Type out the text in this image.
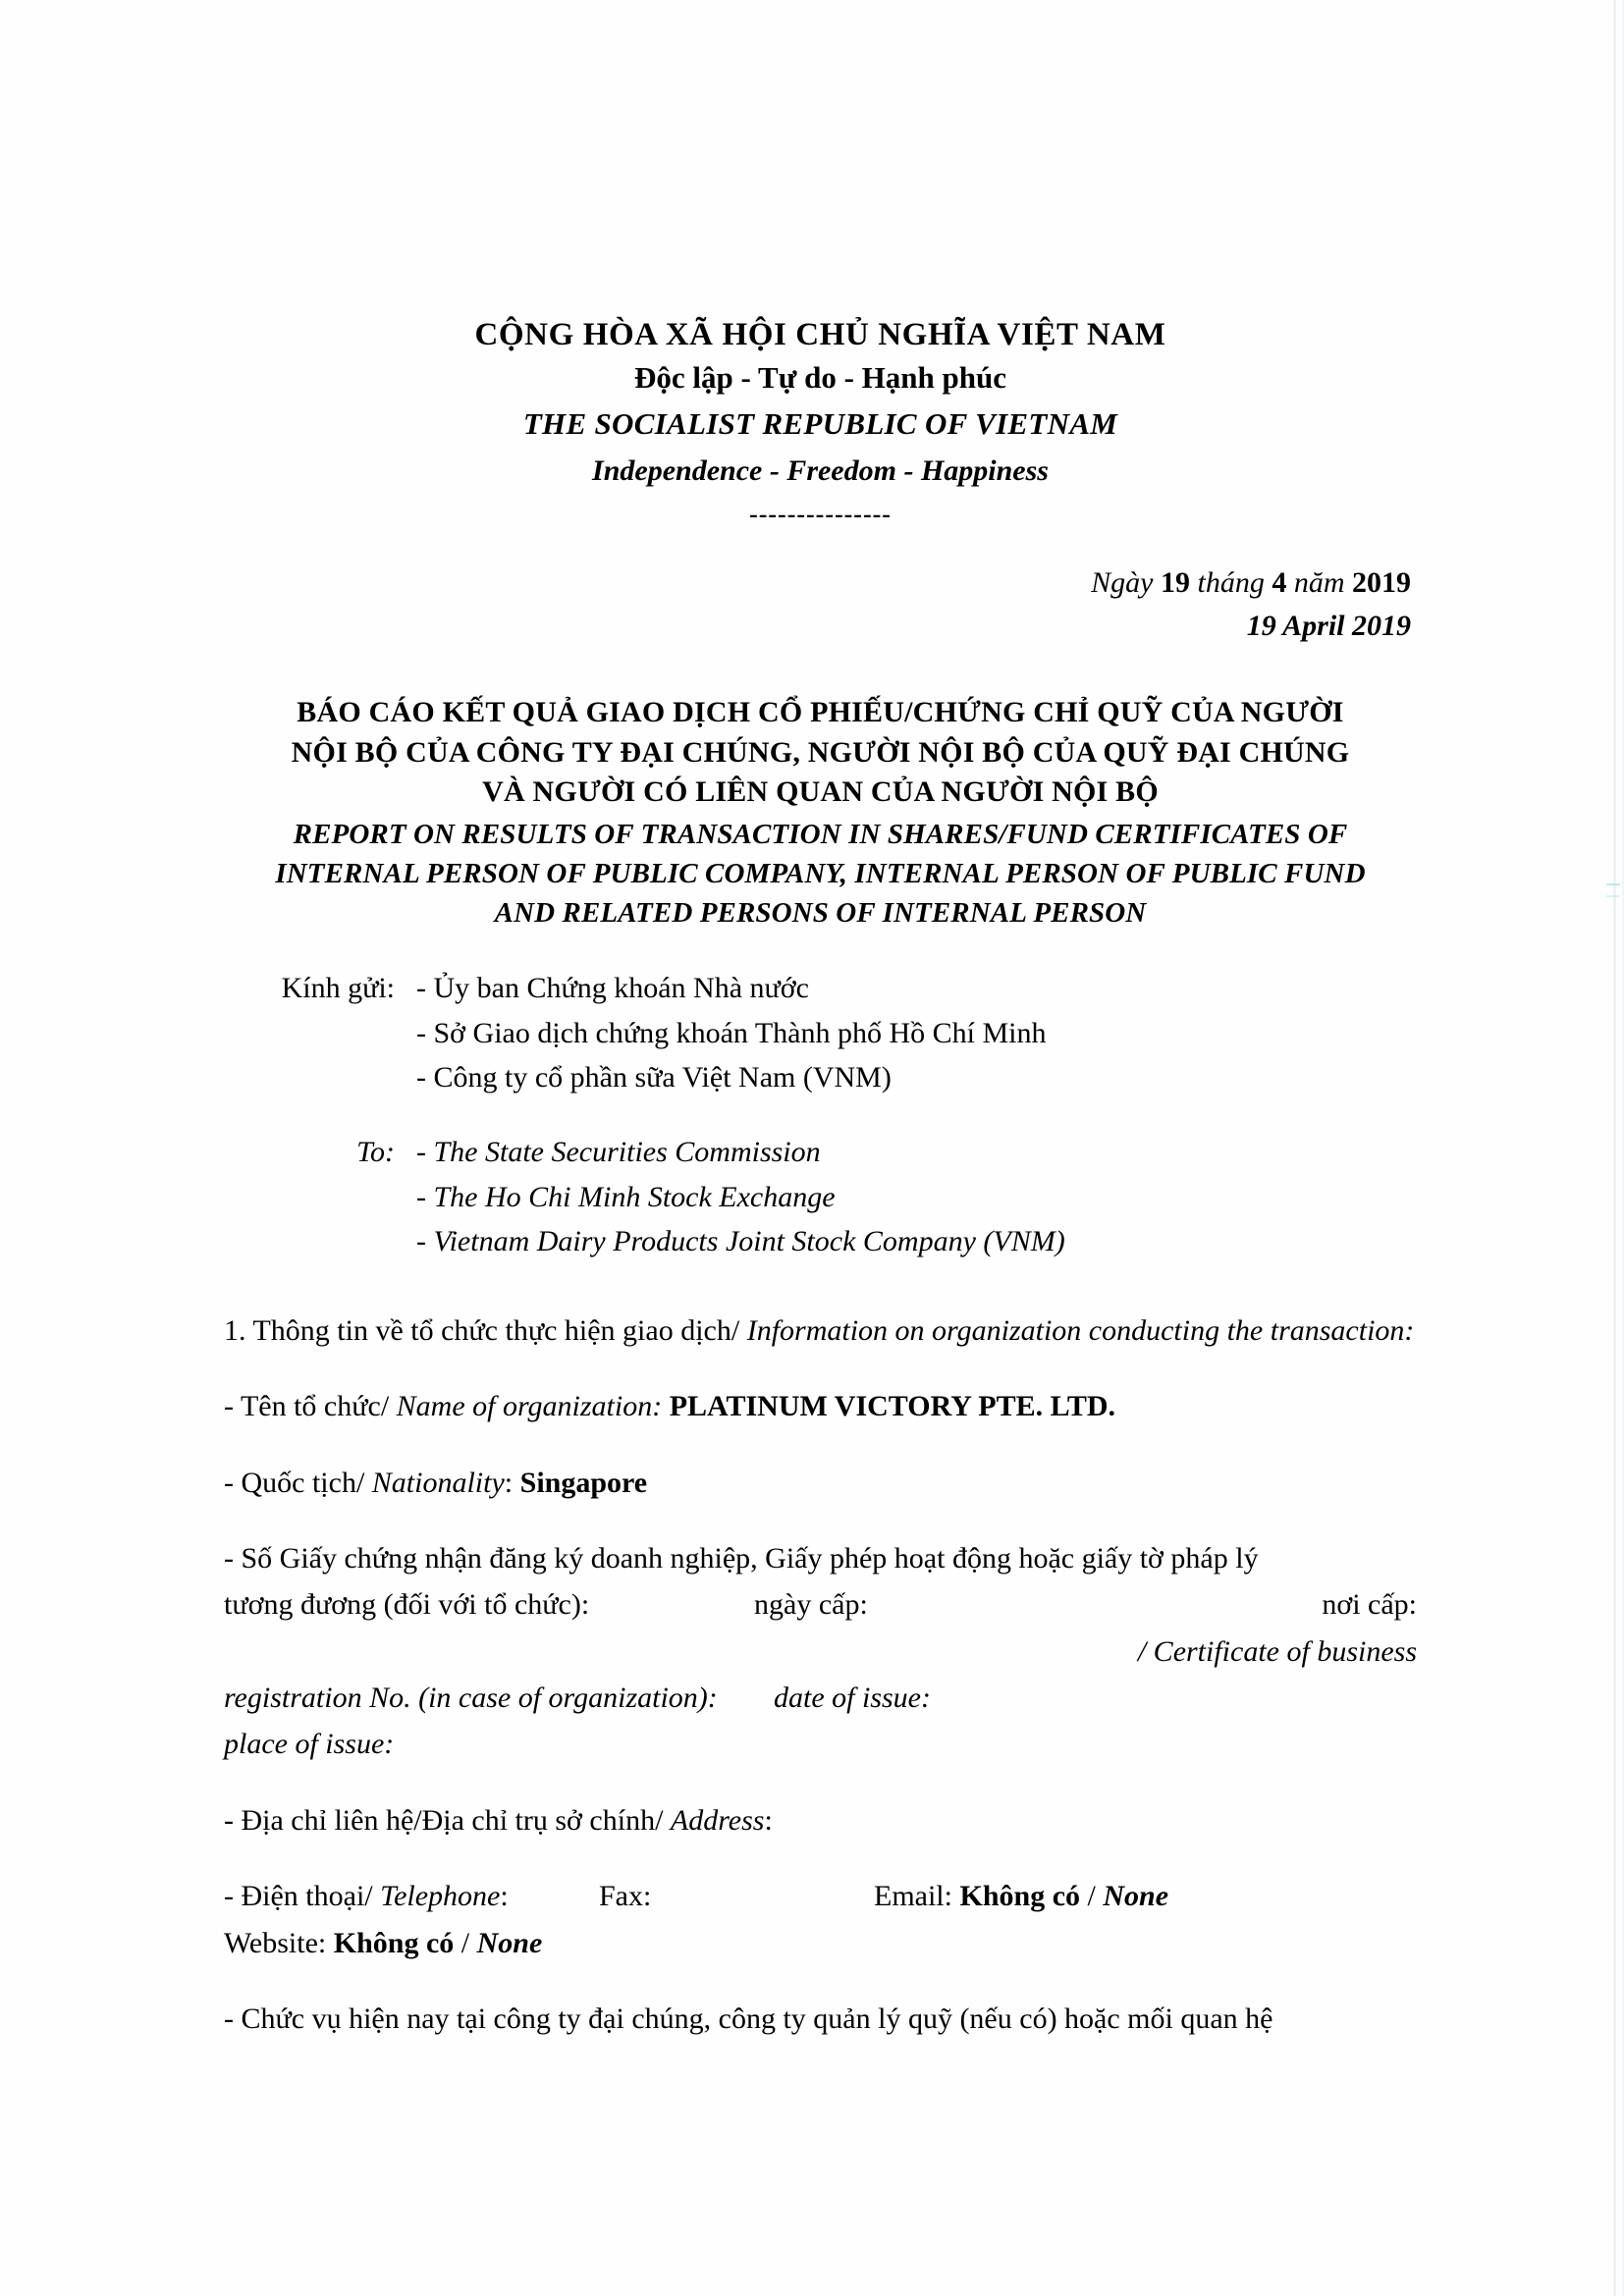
CỘNG HÒA XÃ HỘI CHỦ NGHĨA VIỆT NAM
Độc lập - Tự do - Hạnh phúc
THE SOCIALIST REPUBLIC OF VIETNAM
Independence - Freedom - Happiness
---------------
Ngày 19 tháng 4 năm 2019
19 April 2019
BÁO CÁO KẾT QUẢ GIAO DỊCH CỔ PHIẾU/CHỨNG CHỈ QUỸ CỦA NGƯỜI NỘI BỘ CỦA CÔNG TY ĐẠI CHÚNG, NGƯỜI NỘI BỘ CỦA QUỸ ĐẠI CHÚNG VÀ NGƯỜI CÓ LIÊN QUAN CỦA NGƯỜI NỘI BỘ
REPORT ON RESULTS OF TRANSACTION IN SHARES/FUND CERTIFICATES OF INTERNAL PERSON OF PUBLIC COMPANY, INTERNAL PERSON OF PUBLIC FUND AND RELATED PERSONS OF INTERNAL PERSON
Kính gửi: - Ủy ban Chứng khoán Nhà nước
- Sở Giao dịch chứng khoán Thành phố Hồ Chí Minh
- Công ty cổ phần sữa Việt Nam (VNM)
To: - The State Securities Commission
- The Ho Chi Minh Stock Exchange
- Vietnam Dairy Products Joint Stock Company (VNM)
1. Thông tin về tổ chức thực hiện giao dịch/ Information on organization conducting the transaction:
- Tên tổ chức/ Name of organization: PLATINUM VICTORY PTE. LTD.
- Quốc tịch/ Nationality: Singapore
- Số Giấy chứng nhận đăng ký doanh nghiệp, Giấy phép hoạt động hoặc giấy tờ pháp lý
tương đương (đối với tổ chức):	ngày cấp:	nơi cấp:
/ Certificate of business
registration No. (in case of organization):	date of issue:
place of issue:
- Địa chỉ liên hệ/Địa chỉ trụ sở chính/ Address:
- Điện thoại/ Telephone:	Fax:	Email: Không có / None
Website: Không có / None
- Chức vụ hiện nay tại công ty đại chúng, công ty quản lý quỹ (nếu có) hoặc mối quan hệ
